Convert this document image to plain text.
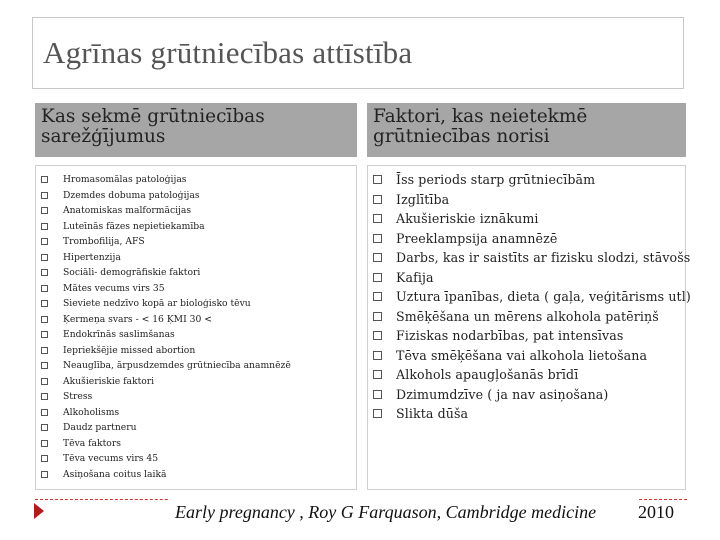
Agrīnas grūtniecības attīstība
Kas sekmē grūtniecības sarežģījumus
Faktori, kas neietekmē grūtniecības norisi
Hromasomālas patoloģijas
Dzemdes dobuma patoloģijas
Anatomiskas malformācijas
Luteīnās fāzes nepietiekamība
Trombofilija, AFS
Hipertenzija
Sociāli- demogrāfiskie faktori
Mātes vecums virs 35
Sieviete nedzīvo kopā ar bioloģisko tēvu
Ķermeņa svars - < 16 ĶMI 30 <
Endokrīnās saslimšanas
Iepriekšējie missed abortion
Neauglība, ārpusdzemdes grūtniecība anamnēzē
Akušieriskie faktori
Stress
Alkoholisms
Daudz partneru
Tēva faktors
Tēva vecums virs 45
Asiņošana coitus laikā
Īss periods starp grūtniecībām
Izglītība
Akušieriskie iznākumi
Preeklampsija anamnēzē
Darbs, kas ir saistīts ar fizisku slodzi, stāvošs
Kafija
Uztura īpanības, dieta ( gaļa, veģitārisms utl)
Smēķēšana un mērens alkohola patēriņš
Fiziskas nodarbības, pat intensīvas
Tēva smēķēšana vai alkohola lietošana
Alkohols apaugļošanās brīdī
Dzimumdzīve ( ja nav asiņošana)
Slikta dūša
Early pregnancy , Roy G Farquason, Cambridge medicine	2010
